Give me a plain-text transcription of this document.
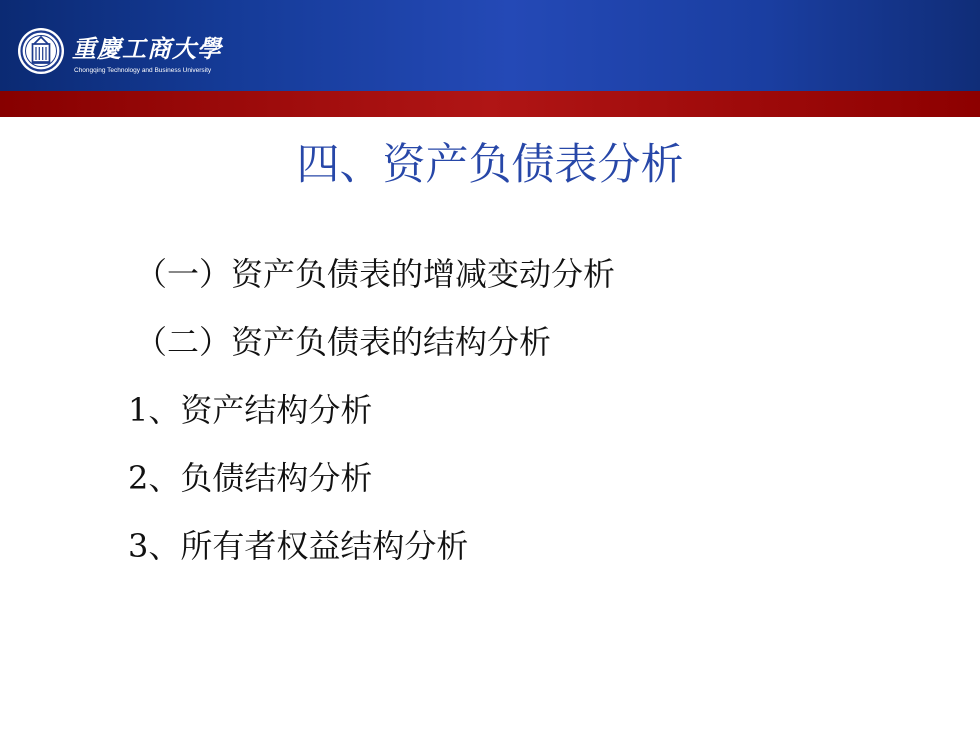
重慶工商大學
Chongqing Technology and Business University
四、资产负债表分析
（一）资产负债表的增减变动分析
（二）资产负债表的结构分析
1、资产结构分析
2、负债结构分析
3、所有者权益结构分析
